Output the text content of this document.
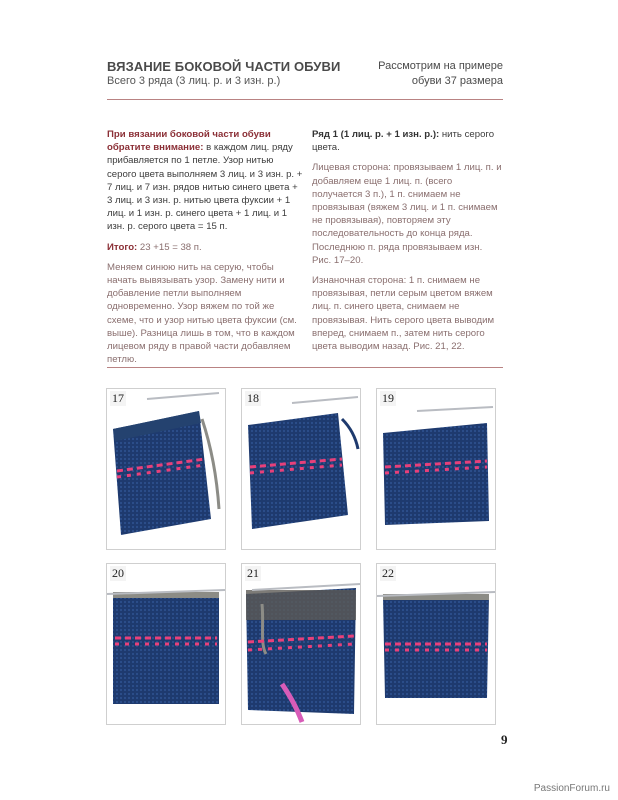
ВЯЗАНИЕ БОКОВОЙ ЧАСТИ ОБУВИ
Всего 3 ряда (3 лиц. р. и 3 изн. р.)
Рассмотрим на примере
обуви 37 размера

При вязании боковой части обуви обратите внимание: в каждом лиц. ряду прибавляется по 1 петле. Узор нитью серого цвета выполняем 3 лиц. и 3 изн. р. + 7 лиц. и 7 изн. рядов нитью синего цвета + 3 лиц. и 3 изн. р. нитью цвета фуксии + 1 лиц. и 1 изн. р. синего цвета + 1 лиц. и 1 изн. р. серого цвета = 15 п.

Итого: 23 +15 = 38 п.

Меняем синюю нить на серую, чтобы начать вывязывать узор. Замену нити и добавление петли выполняем одновременно. Узор вяжем по той же схеме, что и узор нитью цвета фуксии (см. выше). Разница лишь в том, что в каждом лицевом ряду в правой части добавляем петлю.

Ряд 1 (1 лиц. р. + 1 изн. р.): нить серого цвета.

Лицевая сторона: провязываем 1 лиц. п. и добавляем еще 1 лиц. п. (всего получается 3 п.), 1 п. снимаем не провязывая (вяжем 3 лиц. и 1 п. снимаем не провязывая), повторяем эту последовательность до конца ряда. Последнюю п. ряда провязываем изн. Рис. 17–20.

Изнаночная сторона: 1 п. снимаем не провязывая, петли серым цветом вяжем лиц. п. синего цвета, снимаем не провязывая. Нить серого цвета выводим вперед, снимаем п., затем нить серого цвета выводим назад. Рис. 21, 22.

17	18	19
20	21	22
9
PassionForum.ru
